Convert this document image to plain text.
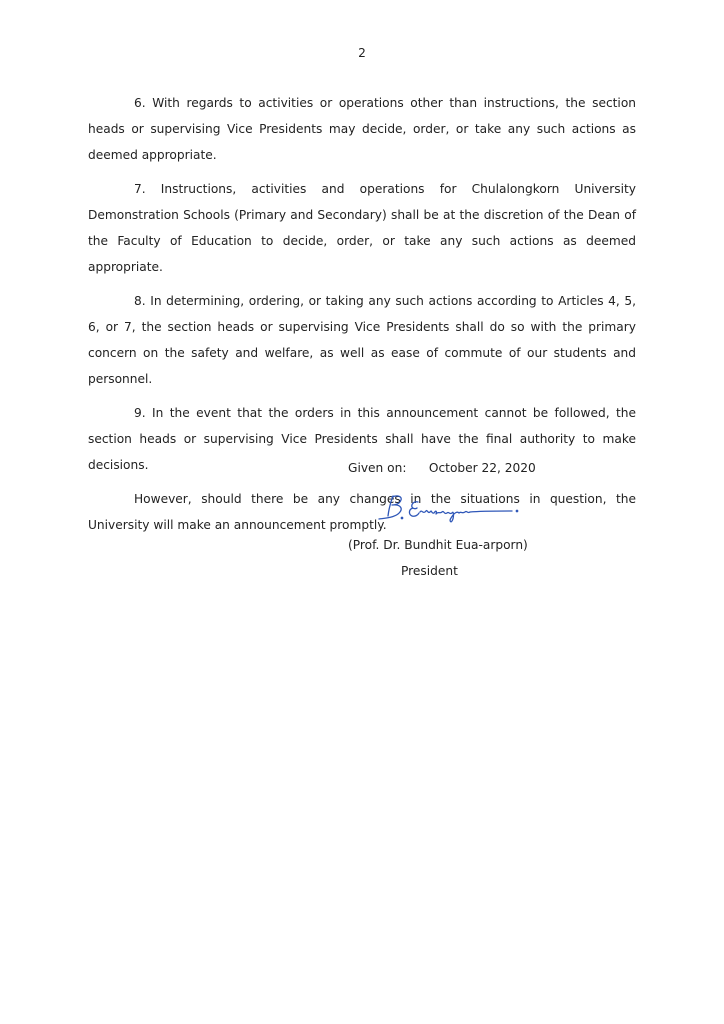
2

6. With regards to activities or operations other than instructions, the section heads or supervising Vice Presidents may decide, order, or take any such actions as deemed appropriate.

7. Instructions, activities and operations for Chulalongkorn University Demonstration Schools (Primary and Secondary) shall be at the discretion of the Dean of the Faculty of Education to decide, order, or take any such actions as deemed appropriate.

8. In determining, ordering, or taking any such actions according to Articles 4, 5, 6, or 7, the section heads or supervising Vice Presidents shall do so with the primary concern on the safety and welfare, as well as ease of commute of our students and personnel.

9. In the event that the orders in this announcement cannot be followed, the section heads or supervising Vice Presidents shall have the final authority to make decisions.

However, should there be any changes in the situations in question, the University will make an announcement promptly.

Given on: October 22, 2020
(Prof. Dr. Bundhit Eua-arporn)
President
